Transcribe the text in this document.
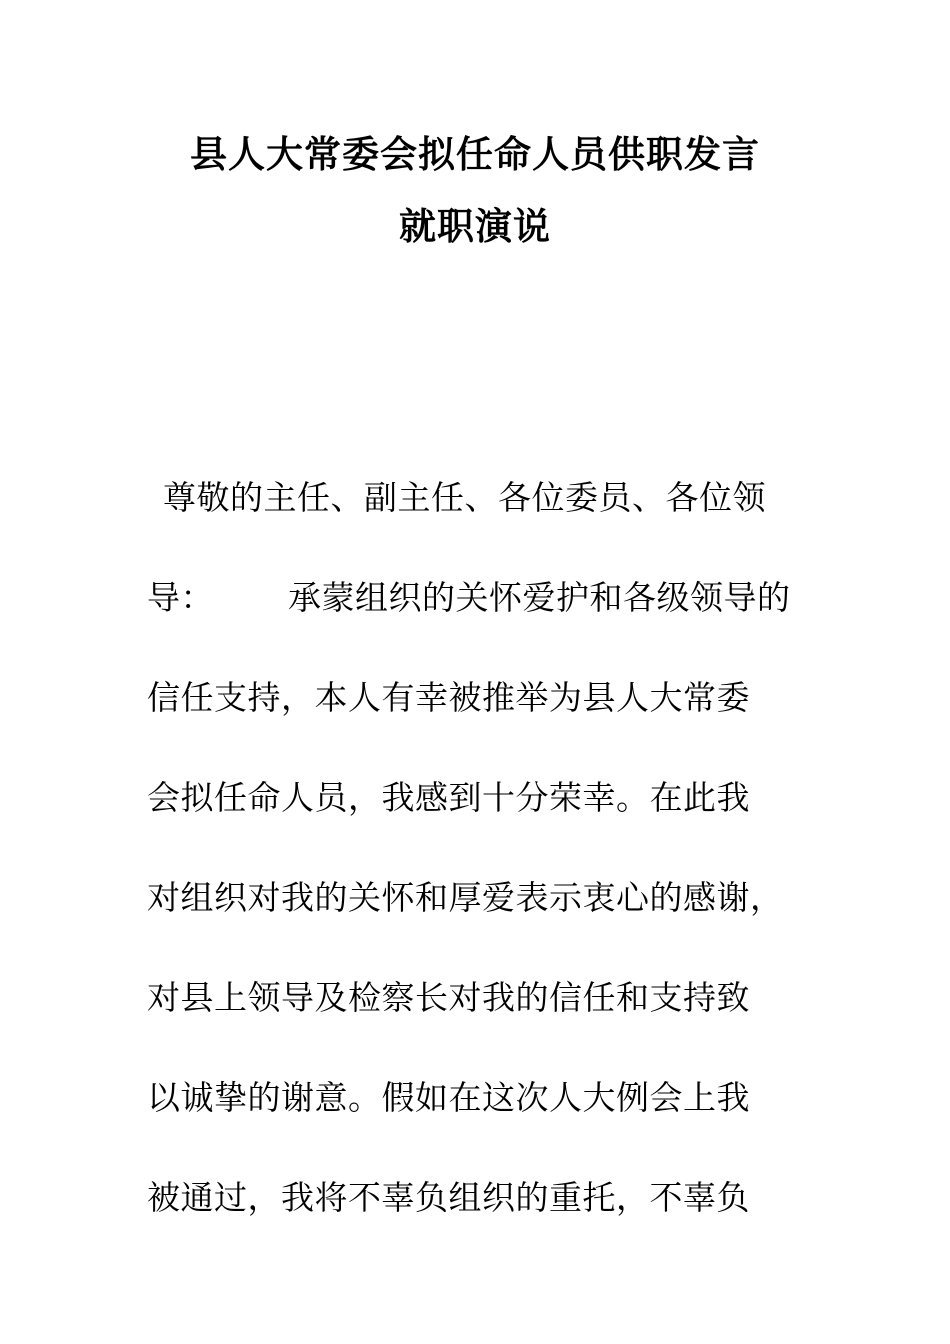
县人大常委会拟任命人员供职发言
就职演说
尊敬的主任、副主任、各位委员、各位领
导： 承蒙组织的关怀爱护和各级领导的
信任支持，本人有幸被推举为县人大常委
会拟任命人员，我感到十分荣幸。在此我
对组织对我的关怀和厚爱表示衷心的感谢，
对县上领导及检察长对我的信任和支持致
以诚挚的谢意。假如在这次人大例会上我
被通过，我将不辜负组织的重托，不辜负
